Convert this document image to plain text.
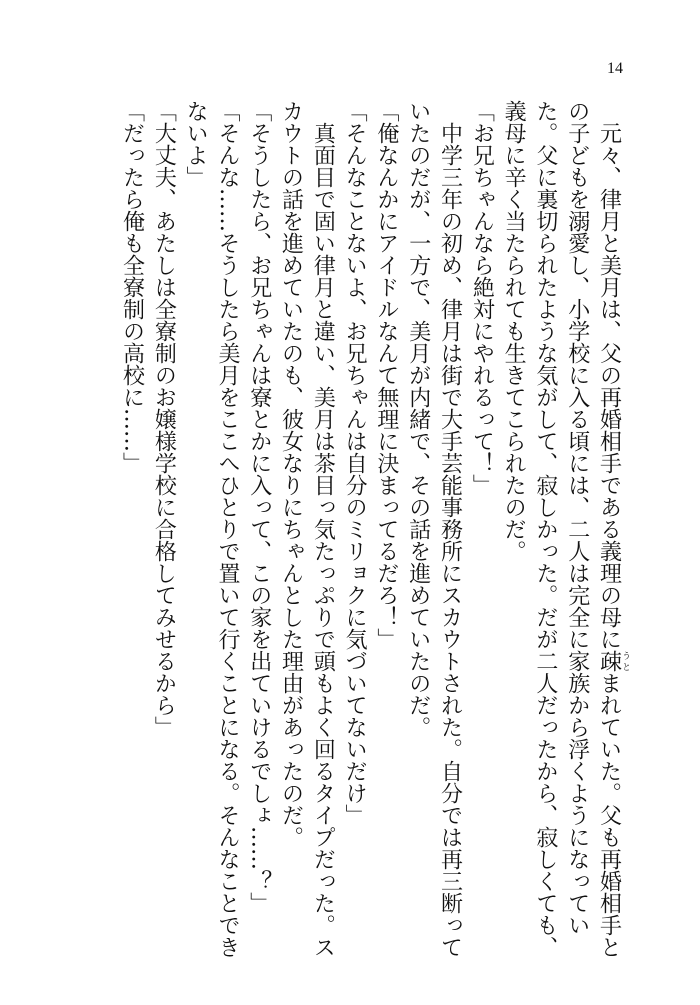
14

元々、律月と美月は、父の再婚相手である義理の母に疎うとまれていた。父も再婚相手との子どもを溺愛し、小学校に入る頃には、二人は完全に家族から浮くようになっていた。父に裏切られたような気がして、寂しかった。だが二人だったから、寂しくても、義母に辛く当たられても生きてこられたのだ。

「お兄ちゃんなら絶対にやれるって！」

中学三年の初め、律月は街で大手芸能事務所にスカウトされた。自分では再三断っていたのだが、一方で、美月が内緒で、その話を進めていたのだ。

「俺なんかにアイドルなんて無理に決まってるだろ！」

「そんなことないよ、お兄ちゃんは自分のミリョクに気づいてないだけ」

真面目で固い律月と違い、美月は茶目っ気たっぷりで頭もよく回るタイプだった。スカウトの話を進めていたのも、彼女なりにちゃんとした理由があったのだ。

「そうしたら、お兄ちゃんは寮とかに入って、この家を出ていけるでしょ……？」

「そんな……そうしたら美月をここへひとりで置いて行くことになる。そんなことできないよ」

「大丈夫、あたしは全寮制のお嬢様学校に合格してみせるから」

「だったら俺も全寮制の高校に……」
